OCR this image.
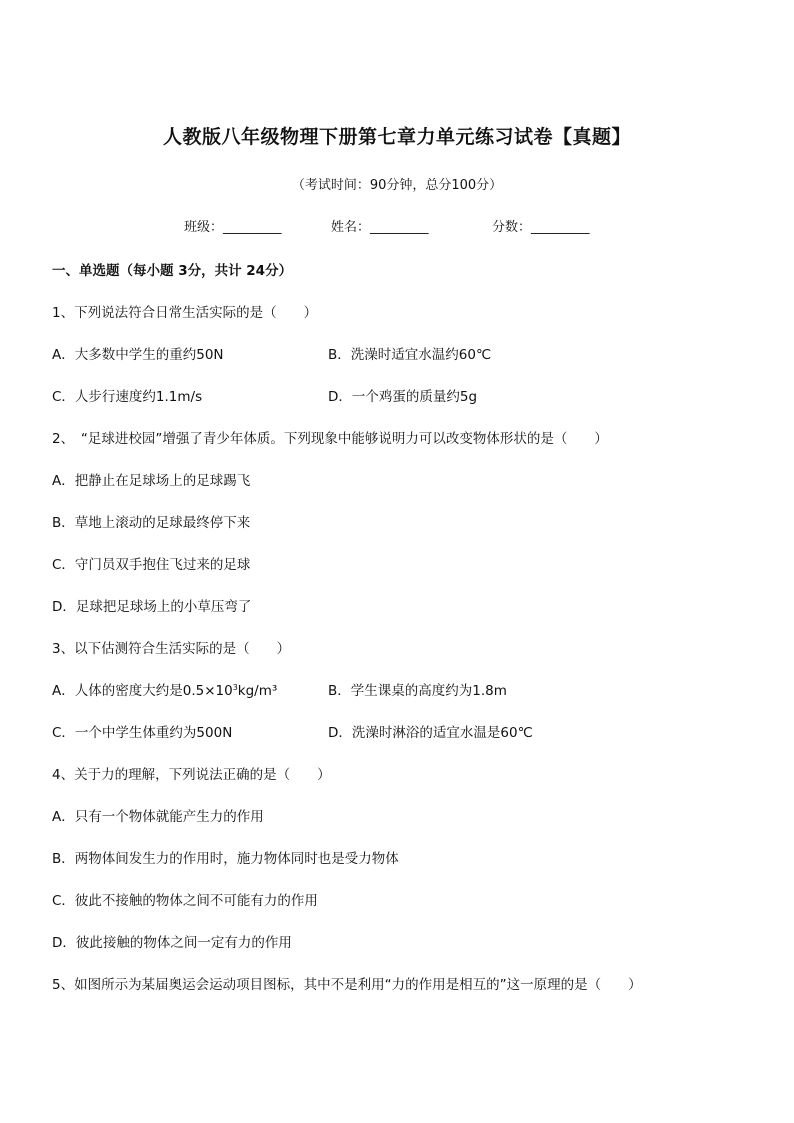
人教版八年级物理下册第七章力单元练习试卷【真题】
（考试时间：90分钟，总分100分）
班级：_________	姓名：_________	分数：_________
一、单选题（每小题 3分，共计 24分）
1、下列说法符合日常生活实际的是（　　）
A．大多数中学生的重约50N	B．洗澡时适宜水温约60℃
C．人步行速度约1.1m/s	D．一个鸡蛋的质量约5g
2、　“足球进校园”增强了青少年体质。下列现象中能够说明力可以改变物体形状的是（　　）
A．把静止在足球场上的足球踢飞
B．草地上滚动的足球最终停下来
C．守门员双手抱住飞过来的足球
D．足球把足球场上的小草压弯了
3、以下估测符合生活实际的是（　　）
A．人体的密度大约是$0.5\times 10^3kg/m^3$	B．学生课桌的高度约为1.8m
C．一个中学生体重约为500N	D．洗澡时淋浴的适宜水温是60℃
4、关于力的理解，下列说法正确的是（　　）
A．只有一个物体就能产生力的作用
B．两物体间发生力的作用时，施力物体同时也是受力物体
C．彼此不接触的物体之间不可能有力的作用
D．彼此接触的物体之间一定有力的作用
5、如图所示为某届奥运会运动项目图标，其中不是利用“力的作用是相互的”这一原理的是（　　）
